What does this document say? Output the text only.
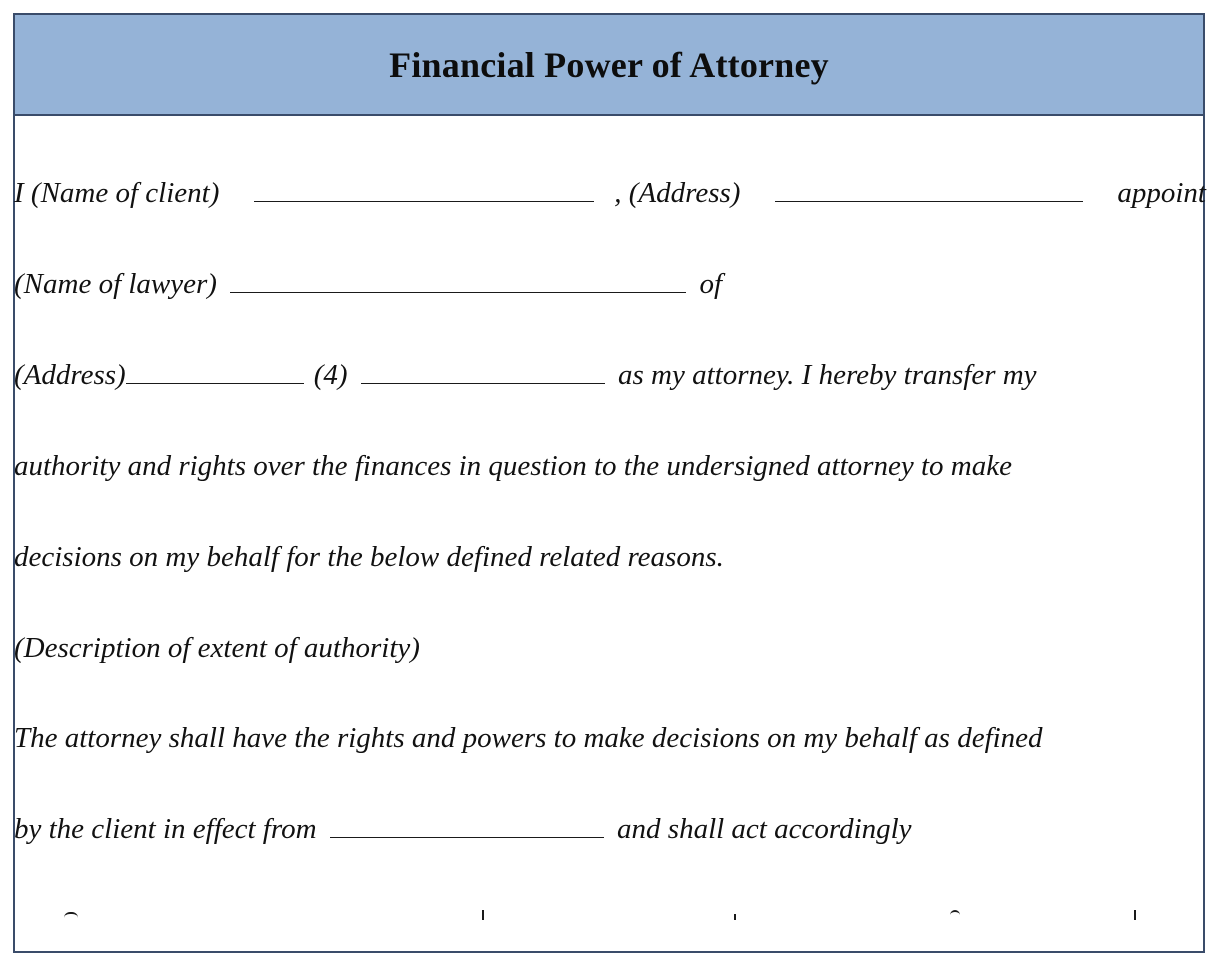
Financial Power of Attorney
I (Name of client)	, (Address)	appoint
(Name of lawyer)	of
(Address)	(4)	as my attorney. I hereby transfer my
authority and rights over the finances in question to the undersigned attorney to make
decisions on my behalf for the below defined related reasons.
(Description of extent of authority)
The attorney shall have the rights and powers to make decisions on my behalf as defined
by the client in effect from	and shall act accordingly
